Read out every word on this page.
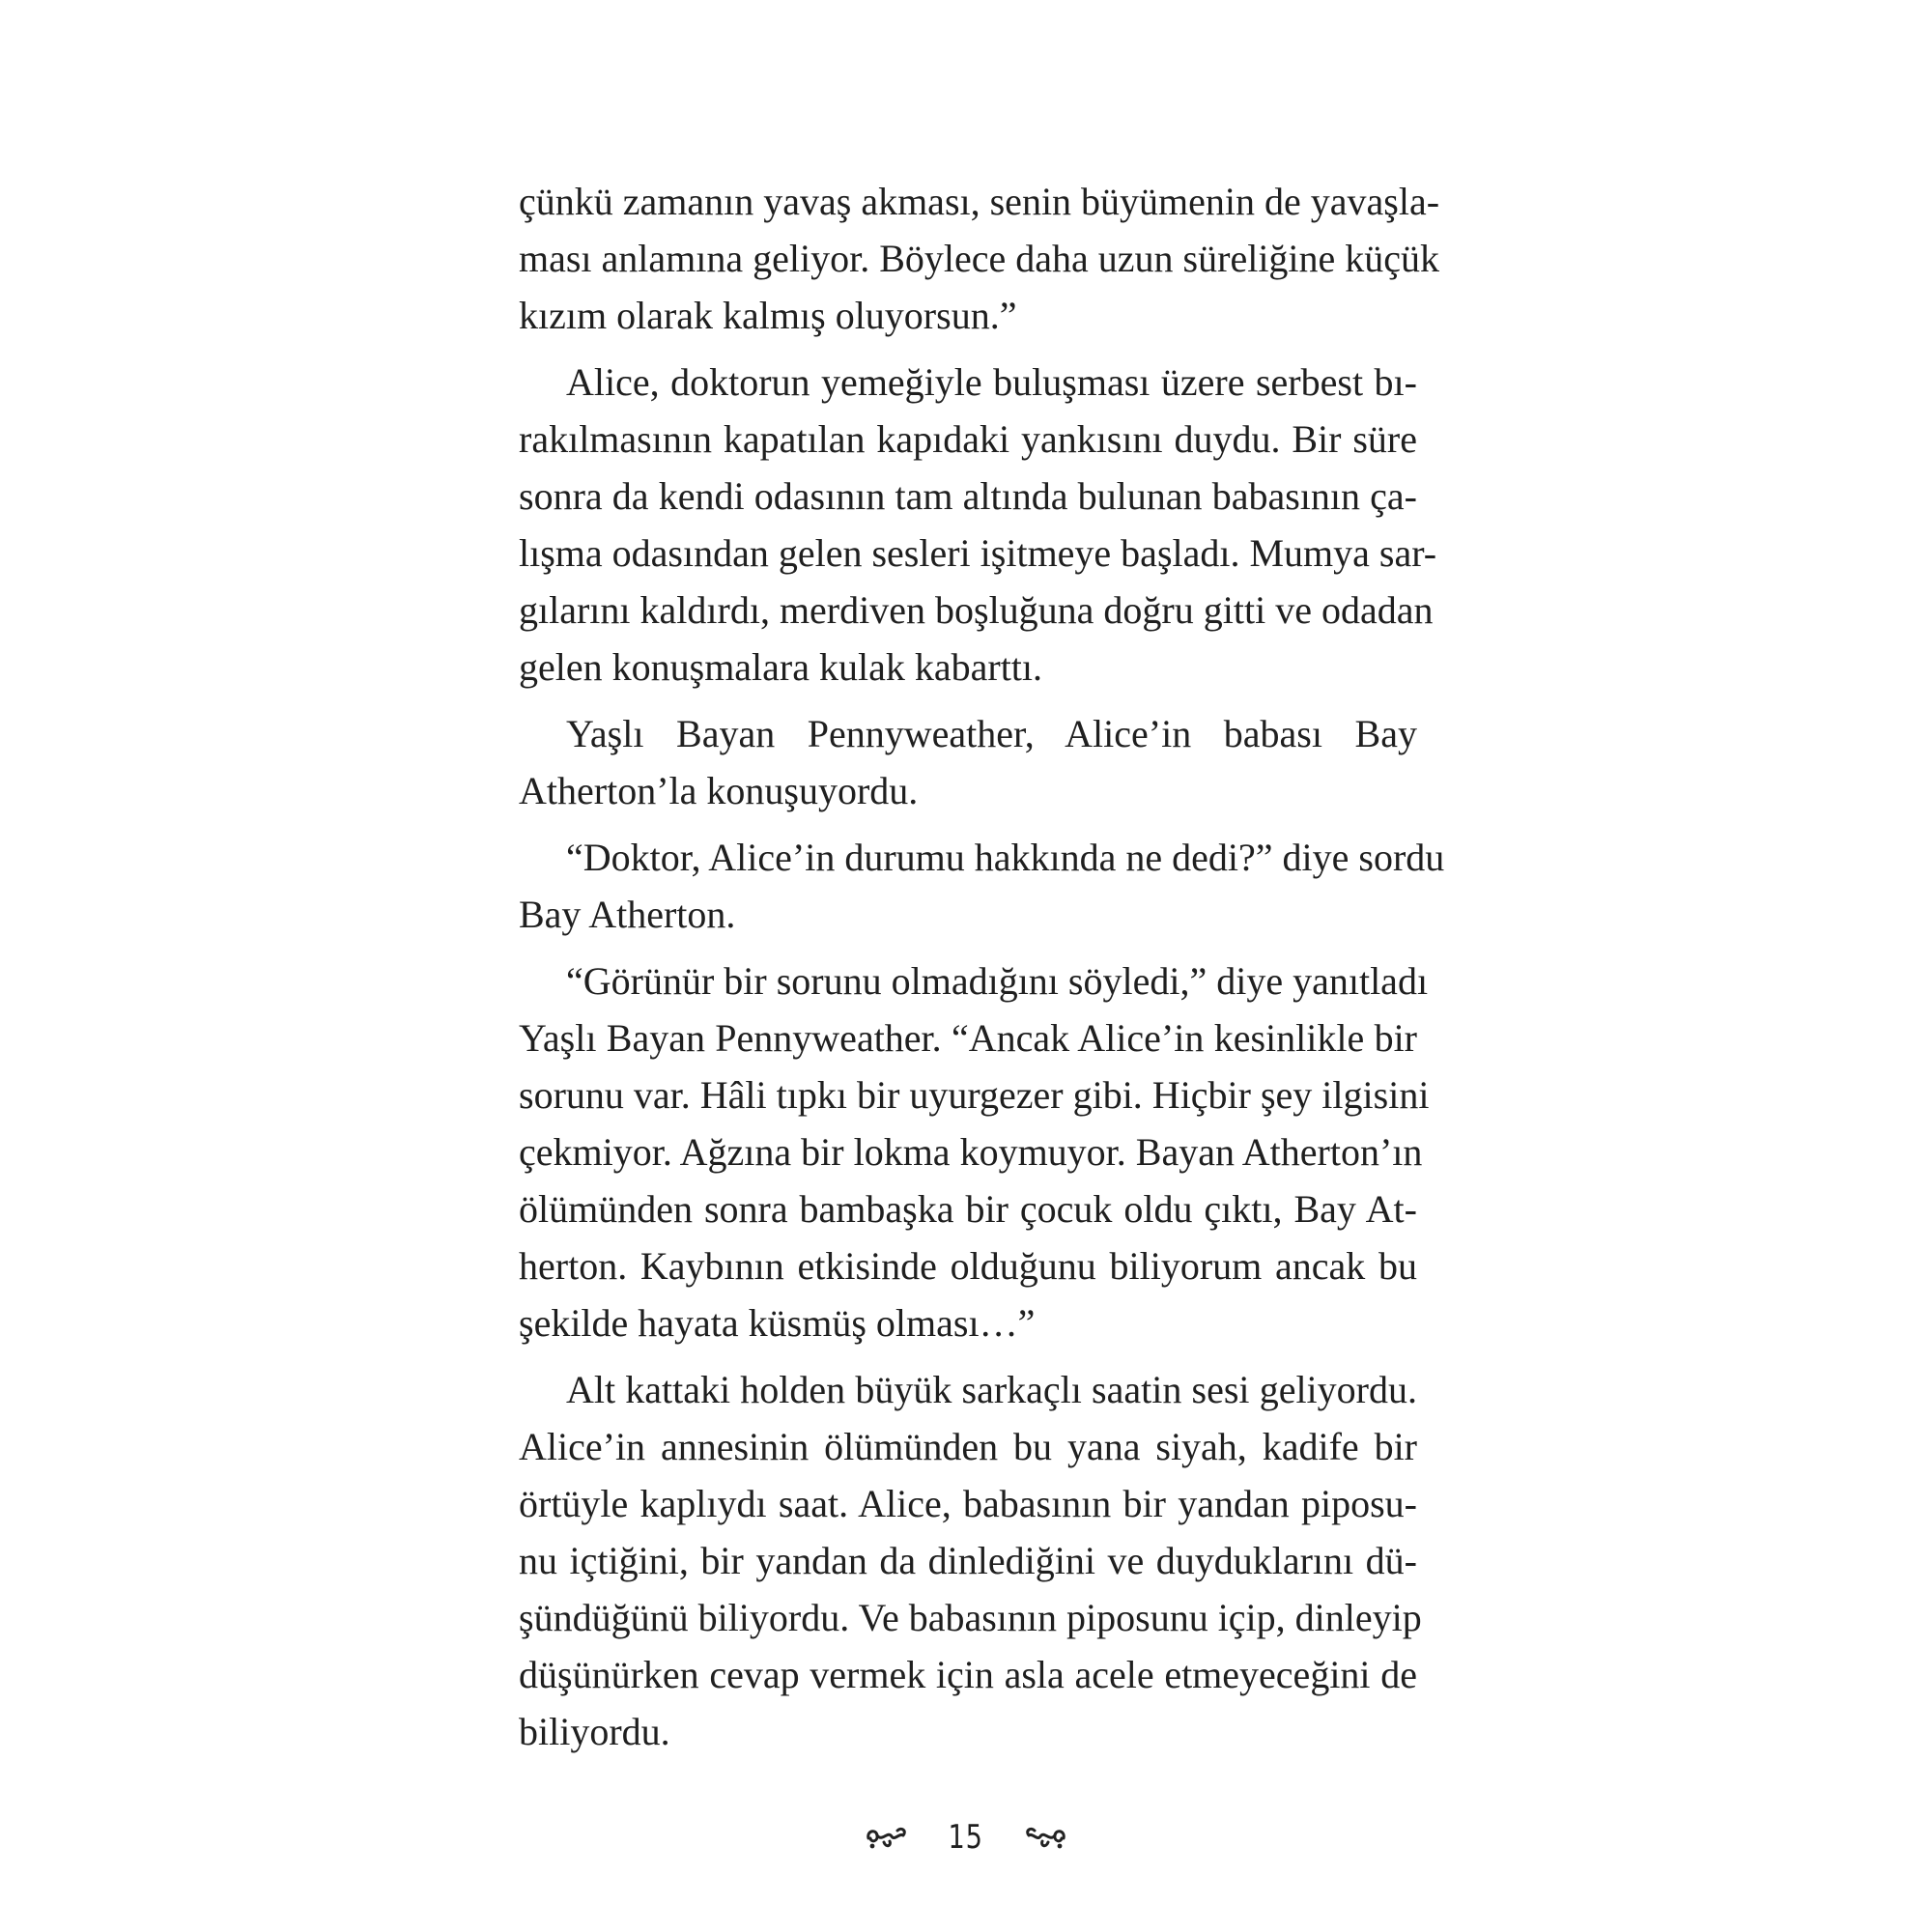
çünkü zamanın yavaş akması, senin büyümenin de yavaşla-
ması anlamına geliyor. Böylece daha uzun süreliğine küçük
kızım olarak kalmış oluyorsun.”
Alice, doktorun yemeğiyle buluşması üzere serbest bı-
rakılmasının kapatılan kapıdaki yankısını duydu. Bir süre
sonra da kendi odasının tam altında bulunan babasının ça-
lışma odasından gelen sesleri işitmeye başladı. Mumya sar-
gılarını kaldırdı, merdiven boşluğuna doğru gitti ve odadan
gelen konuşmalara kulak kabarttı.
Yaşlı Bayan Pennyweather, Alice’in babası Bay
Atherton’la konuşuyordu.
“Doktor, Alice’in durumu hakkında ne dedi?” diye sordu
Bay Atherton.
“Görünür bir sorunu olmadığını söyledi,” diye yanıtladı
Yaşlı Bayan Pennyweather. “Ancak Alice’in kesinlikle bir
sorunu var. Hâli tıpkı bir uyurgezer gibi. Hiçbir şey ilgisini
çekmiyor. Ağzına bir lokma koymuyor. Bayan Atherton’ın
ölümünden sonra bambaşka bir çocuk oldu çıktı, Bay At-
herton. Kaybının etkisinde olduğunu biliyorum ancak bu
şekilde hayata küsmüş olması…”
Alt kattaki holden büyük sarkaçlı saatin sesi geliyordu.
Alice’in annesinin ölümünden bu yana siyah, kadife bir
örtüyle kaplıydı saat. Alice, babasının bir yandan piposu-
nu içtiğini, bir yandan da dinlediğini ve duyduklarını dü-
şündüğünü biliyordu. Ve babasının piposunu içip, dinleyip
düşünürken cevap vermek için asla acele etmeyeceğini de
biliyordu.
15
